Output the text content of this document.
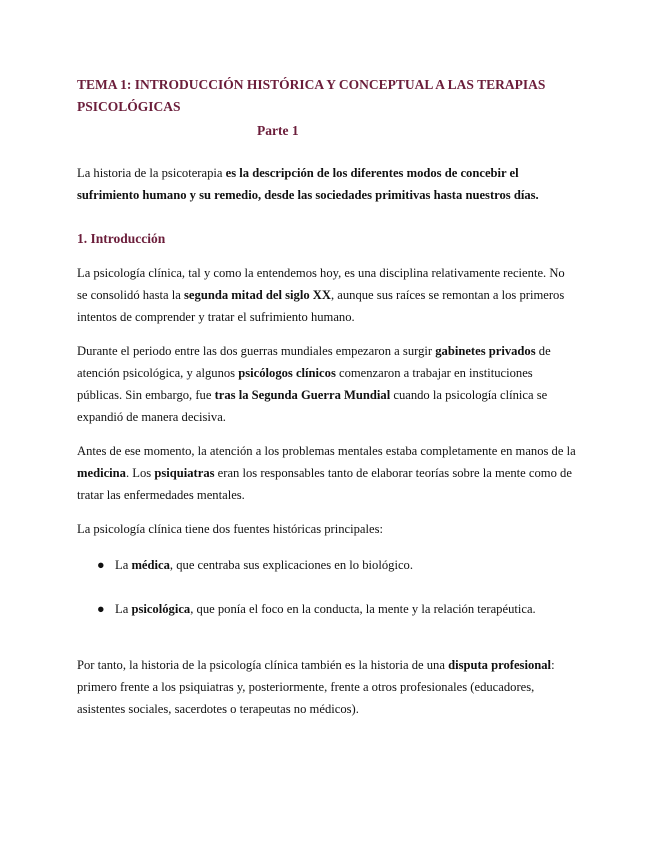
TEMA 1: INTRODUCCIÓN HISTÓRICA Y CONCEPTUAL A LAS TERAPIAS PSICOLÓGICAS
Parte 1

La historia de la psicoterapia es la descripción de los diferentes modos de concebir el sufrimiento humano y su remedio, desde las sociedades primitivas hasta nuestros días.

1. Introducción

La psicología clínica, tal y como la entendemos hoy, es una disciplina relativamente reciente. No se consolidó hasta la segunda mitad del siglo XX, aunque sus raíces se remontan a los primeros intentos de comprender y tratar el sufrimiento humano.

Durante el periodo entre las dos guerras mundiales empezaron a surgir gabinetes privados de atención psicológica, y algunos psicólogos clínicos comenzaron a trabajar en instituciones públicas. Sin embargo, fue tras la Segunda Guerra Mundial cuando la psicología clínica se expandió de manera decisiva.

Antes de ese momento, la atención a los problemas mentales estaba completamente en manos de la medicina. Los psiquiatras eran los responsables tanto de elaborar teorías sobre la mente como de tratar las enfermedades mentales.

La psicología clínica tiene dos fuentes históricas principales:

● La médica, que centraba sus explicaciones en lo biológico.
● La psicológica, que ponía el foco en la conducta, la mente y la relación terapéutica.

Por tanto, la historia de la psicología clínica también es la historia de una disputa profesional: primero frente a los psiquiatras y, posteriormente, frente a otros profesionales (educadores, asistentes sociales, sacerdotes o terapeutas no médicos).
